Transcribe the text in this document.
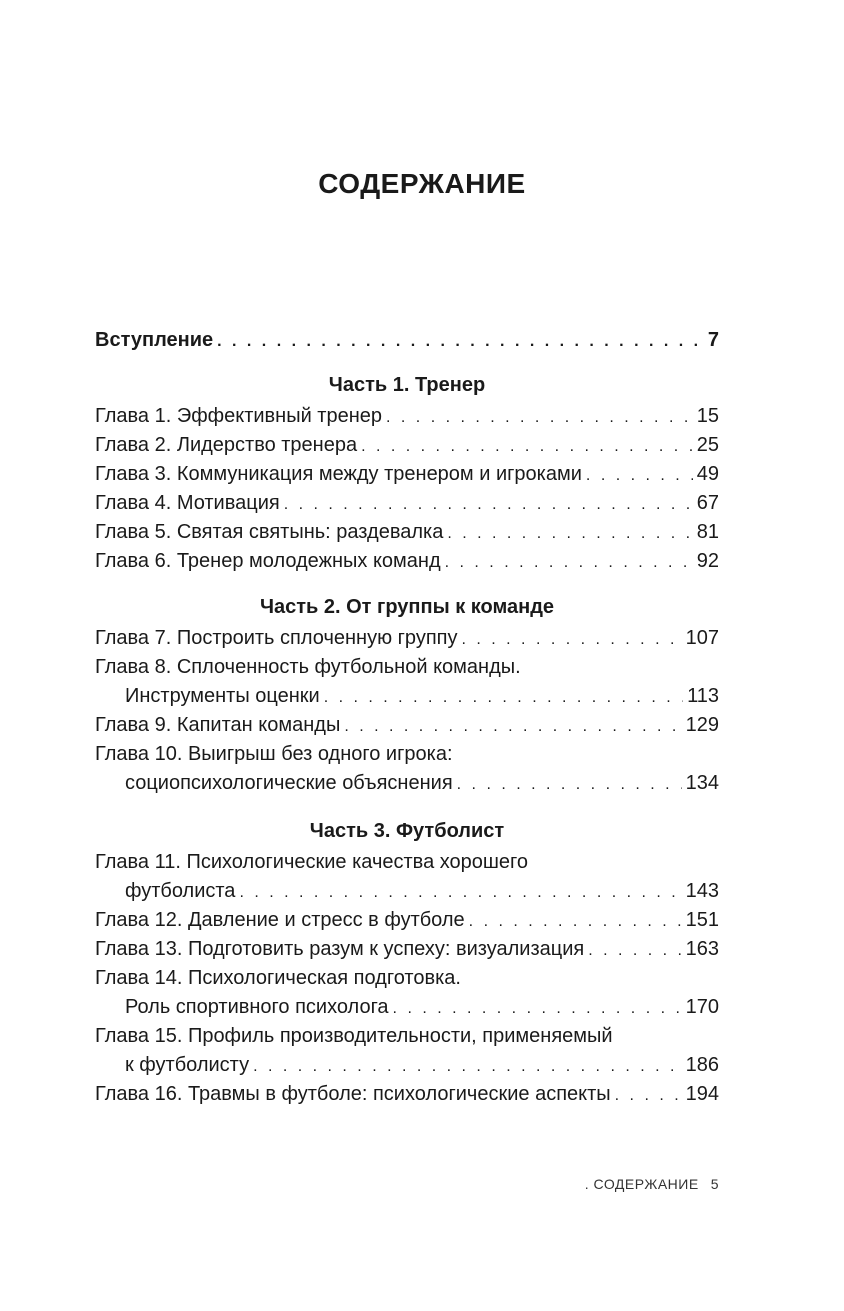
СОДЕРЖАНИЕ
Вступление . . .	7
Часть 1. Тренер
Глава 1. Эффективный тренер . . .	15
Глава 2. Лидерство тренера . . .	25
Глава 3. Коммуникация между тренером и игроками . . .	49
Глава 4. Мотивация . . .	67
Глава 5. Святая святынь: раздевалка . . .	81
Глава 6. Тренер молодежных команд . . .	92
Часть 2. От группы к команде
Глава 7. Построить сплоченную группу . . .	107
Глава 8. Сплоченность футбольной команды.
Инструменты оценки . . .	113
Глава 9. Капитан команды . . .	129
Глава 10. Выигрыш без одного игрока:
социопсихологические объяснения . . .	134
Часть 3. Футболист
Глава 11. Психологические качества хорошего
футболиста . . .	143
Глава 12. Давление и стресс в футболе . . .	151
Глава 13. Подготовить разум к успеху: визуализация . . .	163
Глава 14. Психологическая подготовка.
Роль спортивного психолога . . .	170
Глава 15. Профиль производительности, применяемый
к футболисту . . .	186
Глава 16. Травмы в футболе: психологические аспекты . . .	194
. СОДЕРЖАНИЕ 5
